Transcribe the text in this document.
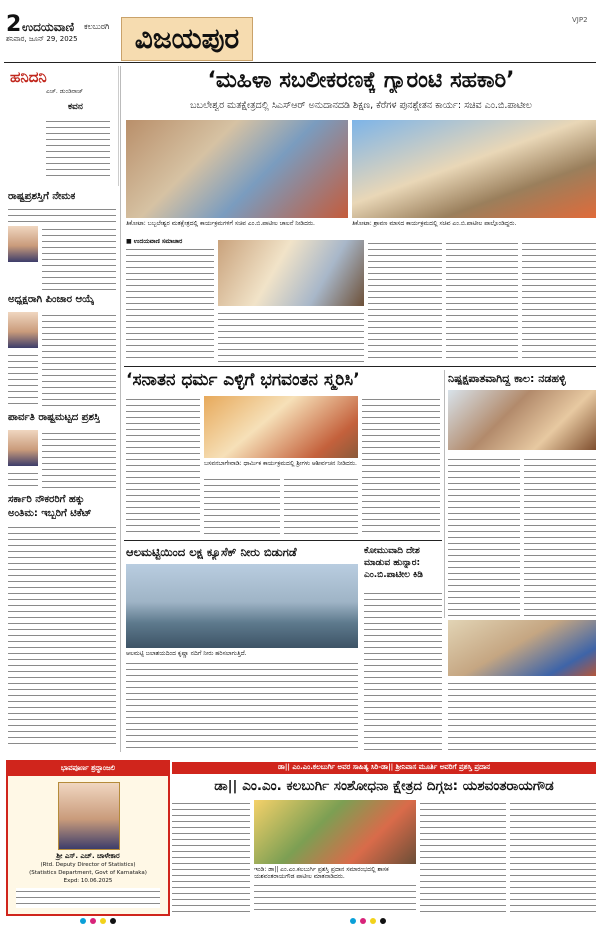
2 ಉದಯವಾಣಿ ಕಲಬುರಗಿ
ಶನಿವಾರ, ಜೂನ್ 29, 2025	ವಿಜಯಪುರ
VJP2
ಹನಿದನಿ
ಎಚ್. ಡುಂಡಿರಾಜ್
ಕವನ
ರಾಷ್ಟ್ರಪ್ರಶಸ್ತಿಗೆ ನೇಮಕ
ಅಧ್ಯಕ್ಷರಾಗಿ ಪಿಂಜಾರ ಆಯ್ಕೆ
ಪಾರ್ವತಿ ರಾಷ್ಟ್ರಮಟ್ಟದ ಪ್ರಶಸ್ತಿ
ಸರ್ಕಾರಿ ನೌಕರರಿಗೆ ಹಕ್ಕು
ಅಂತಿಮ: ಇಬ್ಬರಿಗೆ ಟಿಕೆಟ್
‘ಮಹಿಳಾ ಸಬಲೀಕರಣಕ್ಕೆ ಗ್ಯಾರಂಟಿ ಸಹಕಾರಿ’
ಬಬಲೇಶ್ವರ ಮತಕ್ಷೇತ್ರದಲ್ಲಿ ಸಿಎಸ್‌ಆರ್ ಅನುದಾನದಡಿ ಶಿಕ್ಷಣ, ಕೆರೆಗಳ ಪುನಶ್ಚೇತನ ಕಾರ್ಯ: ಸಚಿವ ಎಂ.ಬಿ.ಪಾಟೀಲ
ತಿಕೋಟಾ: ಬಬ್ಬಲೇಶ್ವರ ಮತಕ್ಷೇತ್ರದಲ್ಲಿ ಕಾರ್ಯಕ್ರಮಗಳಿಗೆ ಸಚಿವ ಎಂ.ಬಿ.ಪಾಟೀಲ ಚಾಲನೆ ನೀಡಿದರು.	ತಿಕೋಟಾ: ಶ್ರಾವಣ ಮಾಸದ ಕಾರ್ಯಕ್ರಮದಲ್ಲಿ ಸಚಿವ ಎಂ.ಬಿ.ಪಾಟೀಲ ಪಾಲ್ಗೊಂಡಿದ್ದರು.
■ ಉದಯವಾಣಿ ಸಮಾಚಾರ
‘ಸನಾತನ ಧರ್ಮ ಎಳ್ಳಿಗೆ ಭಗವಂತನ ಸ್ಮರಿಸಿ’
ಬಸವನಬಾಗೇವಾಡಿ: ಧಾರ್ಮಿಕ ಕಾರ್ಯಕ್ರಮದಲ್ಲಿ ಶ್ರೀಗಳು ಆಶೀರ್ವಚನ ನೀಡಿದರು.
ನಿಷ್ಪಕ್ಷಪಾತವಾಗಿದ್ದ ಕಾಲ: ನಡಹಳ್ಳಿ
ಆಲಮಟ್ಟಿಯಿಂದ ಲಕ್ಷ ಕ್ಯೂಸೆಕ್ ನೀರು ಬಿಡುಗಡೆ
ಆಲಮಟ್ಟಿ ಜಲಾಶಯದಿಂದ ಕೃಷ್ಣಾ ನದಿಗೆ ನೀರು ಹರಿಸಲಾಗುತ್ತಿದೆ.
ಕೋಮುವಾದಿ ದೇಶ ಮಾಡುವ ಹುನ್ನಾರ: ಎಂ.ಬಿ.ಪಾಟೀಲ ಕಿಡಿ
ಭಾವಪೂರ್ಣ ಶ್ರದ್ಧಾಂಜಲಿ
ಶ್ರೀ ಎಸ್. ಎಚ್. ಚಾಳೇಕಾರ
(Rtd. Deputy Director of Statistics)
(Statistics Department, Govt of Karnataka)
Expd: 10.06.2025
ಡಾ|| ಎಂ.ಎಂ.ಕಲಬುರ್ಗಿ ಅವರ ಸಾಹಿತ್ಯ ಸಿರಿ-ಡಾ|| ಶ್ರೀನಿವಾಸ ಮೂರ್ತಿ ಅವರಿಗೆ ಪ್ರಶಸ್ತಿ ಪ್ರದಾನ
ಡಾ|| ಎಂ.ಎಂ. ಕಲಬುರ್ಗಿ ಸಂಶೋಧನಾ ಕ್ಷೇತ್ರದ ದಿಗ್ಗಜ: ಯಶವಂತರಾಯಗೌಡ
ಇಂಡಿ: ಡಾ|| ಎಂ.ಎಂ.ಕಲಬುರ್ಗಿ ಪ್ರಶಸ್ತಿ ಪ್ರದಾನ ಸಮಾರಂಭದಲ್ಲಿ ಶಾಸಕ ಯಶವಂತರಾಯಗೌಡ ಪಾಟೀಲ ಮಾತನಾಡಿದರು.
